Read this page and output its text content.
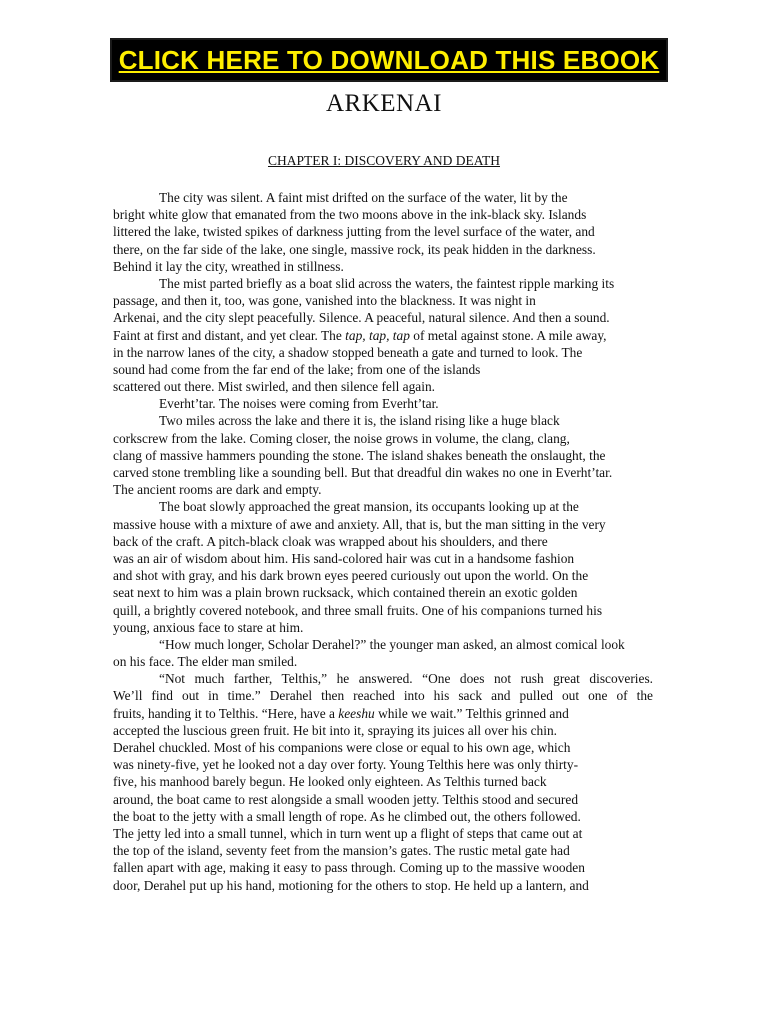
CLICK HERE TO DOWNLOAD THIS EBOOK
ARKENAI
CHAPTER I: DISCOVERY AND DEATH
The city was silent. A faint mist drifted on the surface of the water, lit by the
bright white glow that emanated from the two moons above in the ink-black sky. Islands
littered the lake, twisted spikes of darkness jutting from the level surface of the water, and
there, on the far side of the lake, one single, massive rock, its peak hidden in the darkness.
Behind it lay the city, wreathed in stillness.
The mist parted briefly as a boat slid across the waters, the faintest ripple marking its
passage, and then it, too, was gone, vanished into the blackness. It was night in
Arkenai, and the city slept peacefully. Silence. A peaceful, natural silence. And then a sound.
Faint at first and distant, and yet clear. The tap, tap, tap of metal against stone. A mile away,
in the narrow lanes of the city, a shadow stopped beneath a gate and turned to look. The
sound had come from the far end of the lake; from one of the islands
scattered out there. Mist swirled, and then silence fell again.
Everht’tar. The noises were coming from Everht’tar.
Two miles across the lake and there it is, the island rising like a huge black
corkscrew from the lake. Coming closer, the noise grows in volume, the clang, clang,
clang of massive hammers pounding the stone. The island shakes beneath the onslaught, the
carved stone trembling like a sounding bell. But that dreadful din wakes no one in Everht’tar.
The ancient rooms are dark and empty.
The boat slowly approached the great mansion, its occupants looking up at the
massive house with a mixture of awe and anxiety. All, that is, but the man sitting in the very
back of the craft. A pitch-black cloak was wrapped about his shoulders, and there
was an air of wisdom about him. His sand-colored hair was cut in a handsome fashion
and shot with gray, and his dark brown eyes peered curiously out upon the world. On the
seat next to him was a plain brown rucksack, which contained therein an exotic golden
quill, a brightly covered notebook, and three small fruits. One of his companions turned his
young, anxious face to stare at him.
“How much longer, Scholar Derahel?” the younger man asked, an almost comical look
on his face. The elder man smiled.
“Not much farther, Telthis,” he answered. “One does not rush great discoveries.
We’ll find out in time.” Derahel then reached into his sack and pulled out one of the
fruits, handing it to Telthis. “Here, have a keeshu while we wait.” Telthis grinned and
accepted the luscious green fruit. He bit into it, spraying its juices all over his chin.
Derahel chuckled. Most of his companions were close or equal to his own age, which
was ninety-five, yet he looked not a day over forty. Young Telthis here was only thirty-
five, his manhood barely begun. He looked only eighteen. As Telthis turned back
around, the boat came to rest alongside a small wooden jetty. Telthis stood and secured
the boat to the jetty with a small length of rope. As he climbed out, the others followed.
The jetty led into a small tunnel, which in turn went up a flight of steps that came out at
the top of the island, seventy feet from the mansion’s gates. The rustic metal gate had
fallen apart with age, making it easy to pass through. Coming up to the massive wooden
door, Derahel put up his hand, motioning for the others to stop. He held up a lantern, and
